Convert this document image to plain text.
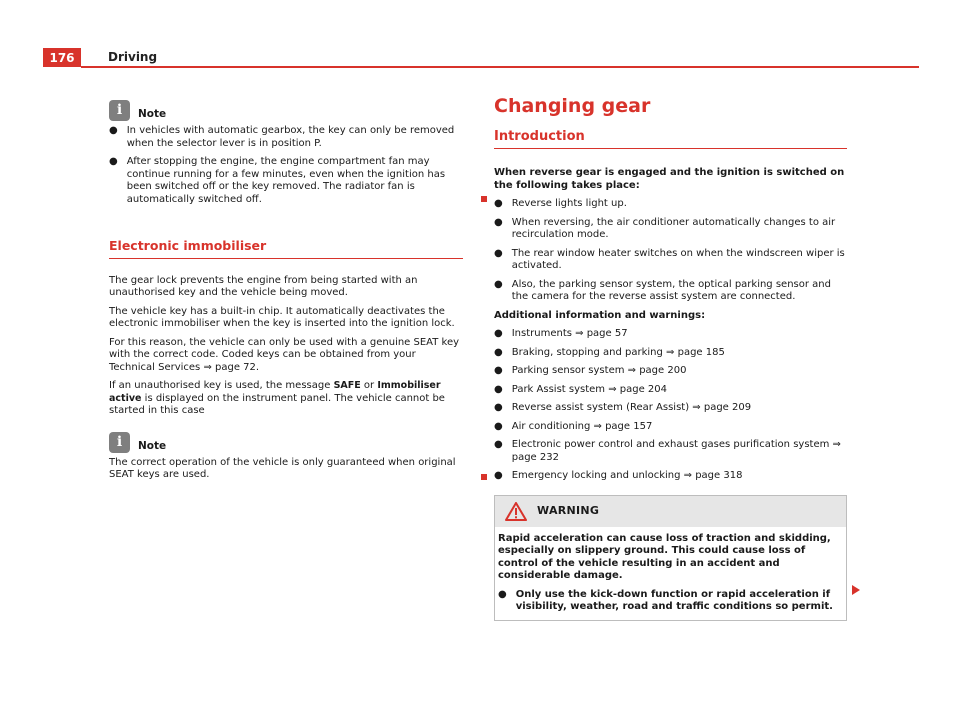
176	Driving
i	Note
● In vehicles with automatic gearbox, the key can only be removed when the selector lever is in position P.
● After stopping the engine, the engine compartment fan may continue running for a few minutes, even when the ignition has been switched off or the key removed. The radiator fan is automatically switched off.
Electronic immobiliser

The gear lock prevents the engine from being started with an unauthorised key and the vehicle being moved.

The vehicle key has a built-in chip. It automatically deactivates the electronic immobiliser when the key is inserted into the ignition lock.

For this reason, the vehicle can only be used with a genuine SEAT key with the correct code. Coded keys can be obtained from your Technical Services ⇒ page 72.

If an unauthorised key is used, the message SAFE or Immobiliser active is displayed on the instrument panel. The vehicle cannot be started in this case

i	Note

The correct operation of the vehicle is only guaranteed when original SEAT keys are used.

Changing gear
Introduction

When reverse gear is engaged and the ignition is switched on the following takes place:

● Reverse lights light up.
● When reversing, the air conditioner automatically changes to air recirculation mode.
● The rear window heater switches on when the windscreen wiper is activated.
● Also, the parking sensor system, the optical parking sensor and the camera for the reverse assist system are connected.

Additional information and warnings:

● Instruments ⇒ page 57
● Braking, stopping and parking ⇒ page 185
● Parking sensor system ⇒ page 200
● Park Assist system ⇒ page 204
● Reverse assist system (Rear Assist) ⇒ page 209
● Air conditioning ⇒ page 157
● Electronic power control and exhaust gases purification system ⇒ page 232
● Emergency locking and unlocking ⇒ page 318
WARNING

Rapid acceleration can cause loss of traction and skidding, especially on slippery ground. This could cause loss of control of the vehicle resulting in an accident and considerable damage.

● Only use the kick-down function or rapid acceleration if visibility, weather, road and traffic conditions so permit.
